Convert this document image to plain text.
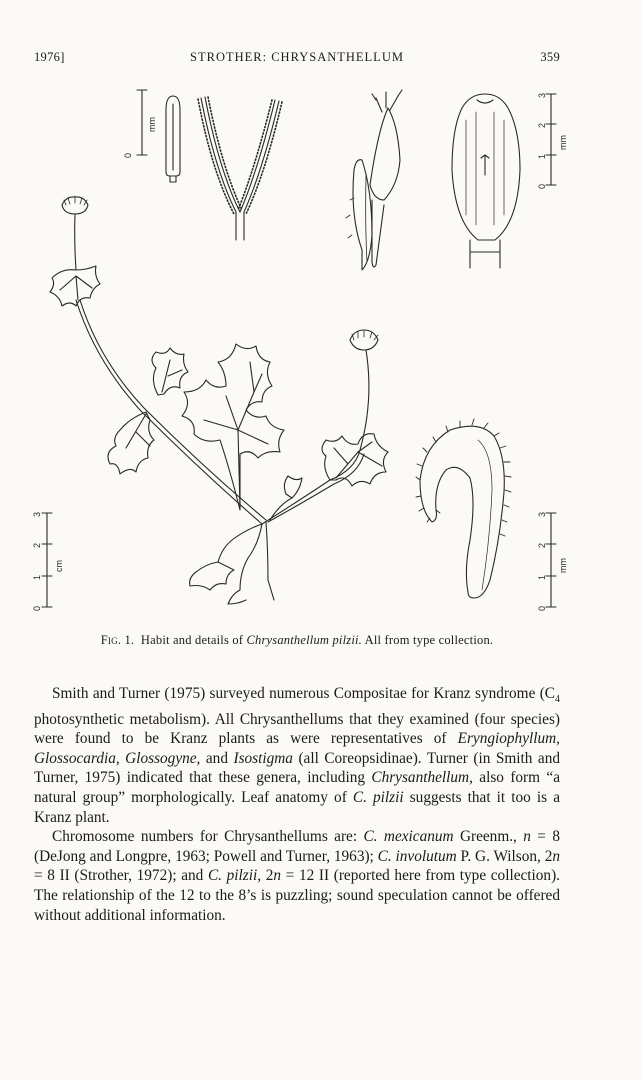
1976]	STROTHER: CHRYSANTHELLUM	359
0
mm
0
1
2
3
mm
0
1
2
3
cm
0
1
2
3
mm
Fig. 1. Habit and details of Chrysanthellum pilzii. All from type collection.

Smith and Turner (1975) surveyed numerous Compositae for Kranz syndrome ($C_4$ photosynthetic metabolism). All Chrysanthellums that they examined (four species) were found to be Kranz plants as were representatives of Eryngiophyllum, Glossocardia, Glossogyne, and Isostigma (all Coreopsidinae). Turner (in Smith and Turner, 1975) indicated that these genera, including Chrysanthellum, also form “a natural group” morphologically. Leaf anatomy of C. pilzii suggests that it too is a Kranz plant.

Chromosome numbers for Chrysanthellums are: C. mexicanum Greenm., n = 8 (DeJong and Longpre, 1963; Powell and Turner, 1963); C. involutum P. G. Wilson, 2n = 8 II (Strother, 1972); and C. pilzii, 2n = 12 II (reported here from type collection). The relationship of the 12 to the 8’s is puzzling; sound speculation cannot be offered without additional information.
